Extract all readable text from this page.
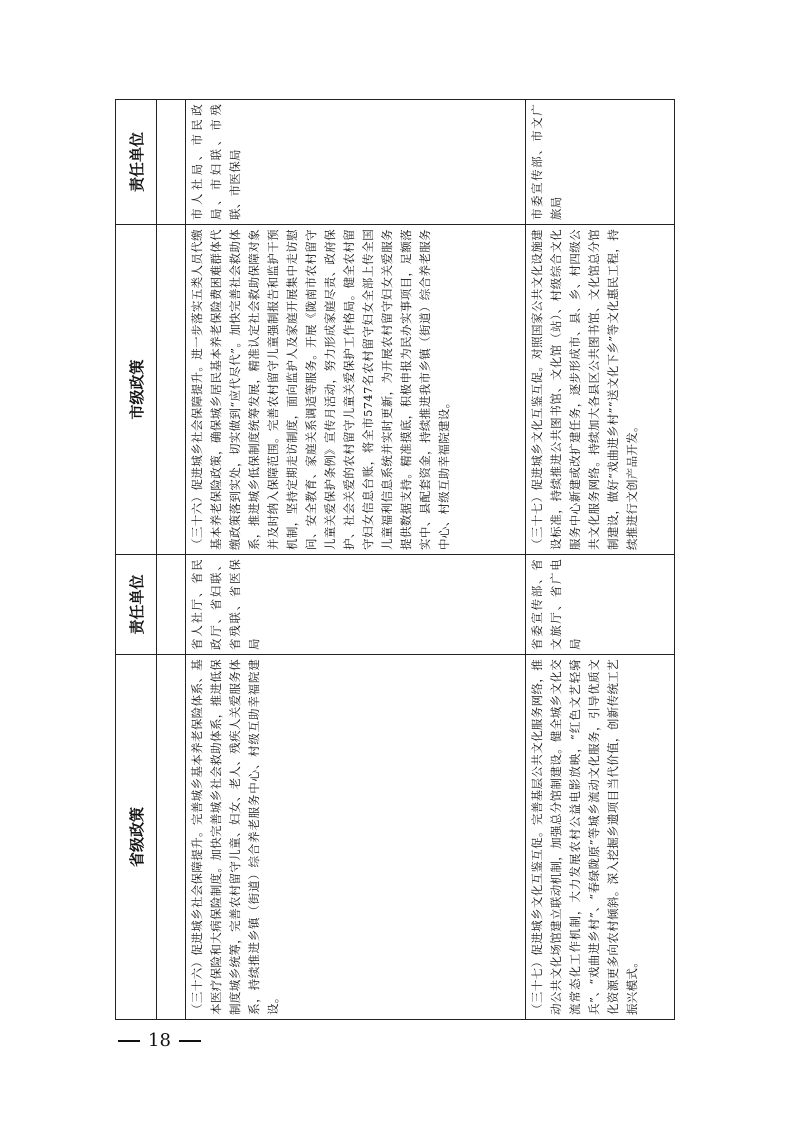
省级政策	责任单位	市级政策	责任单位

（三十六）促进城乡社会保障提升。完善城乡基本养老保险体系、基本医疗保险和大病保险制度。加快完善城乡社会救助体系，推进低保制度城乡统筹，完善农村留守儿童、妇女、老人、残疾人关爱服务体系，持续推进乡镇（街道）综合养老服务中心、村级互助幸福院建设。	省人社厅、省民政厅、省妇联、省残联、省医保局	（三十六）促进城乡社会保障提升。进一步落实五类人员代缴基本养老保险政策，确保城乡居民基本养老保险费困难群体代缴政策落到实处，切实做到“应代尽代”。加快完善社会救助体系，推进城乡低保制度统筹发展，精准认定社会救助保障对象并及时纳入保障范围。完善农村留守儿童强制报告和监护干预机制，坚持定期走访制度，面向监护人及家庭开展集中走访慰问、安全教育、家庭关系调适等服务。开展《陇南市农村留守儿童关爱保护条例》宣传月活动，努力形成家庭尽责、政府保护、社会关爱的农村留守儿童关爱保护工作格局。健全农村留守妇女信息台账，将全市5747名农村留守妇女全部上传全国儿童福利信息系统并实时更新，为开展农村留守妇女关爱服务提供数据支持。精准摸底，积极申报为民办实事项目，足额落实中、县配套资金，持续推进我市乡镇（街道）综合养老服务中心、村级互助幸福院建设。	市人社局、市民政局、市妇联、市残联、市医保局
（三十七）促进城乡文化互鉴互促。完善基层公共文化服务网络，推动公共文化场馆建立联动机制，加强总分馆制建设。健全城乡文化交流常态化工作机制，大力发展农村公益电影放映，“红色文艺轻骑兵”、“戏曲进乡村”、“春绿陇原”等城乡流动文化服务，引导优质文化资源更多向农村倾斜。深入挖掘乡遗项目当代价值，创新传统工艺振兴模式。	省委宣传部、省文旅厅、省广电局	（三十七）促进城乡文化互鉴互促。对照国家公共文化设施建设标准，持续推进公共图书馆、文化馆（站）、村级综合文化服务中心新建或改扩建任务，逐步形成市、县、乡、村四级公共文化服务网络。持续加大各县区公共图书馆、文化馆总分馆制建设，做好“戏曲进乡村”“送文化下乡”等文化惠民工程，持续推进行文创产品开发。	市委宣传部、市文广旅局
18
